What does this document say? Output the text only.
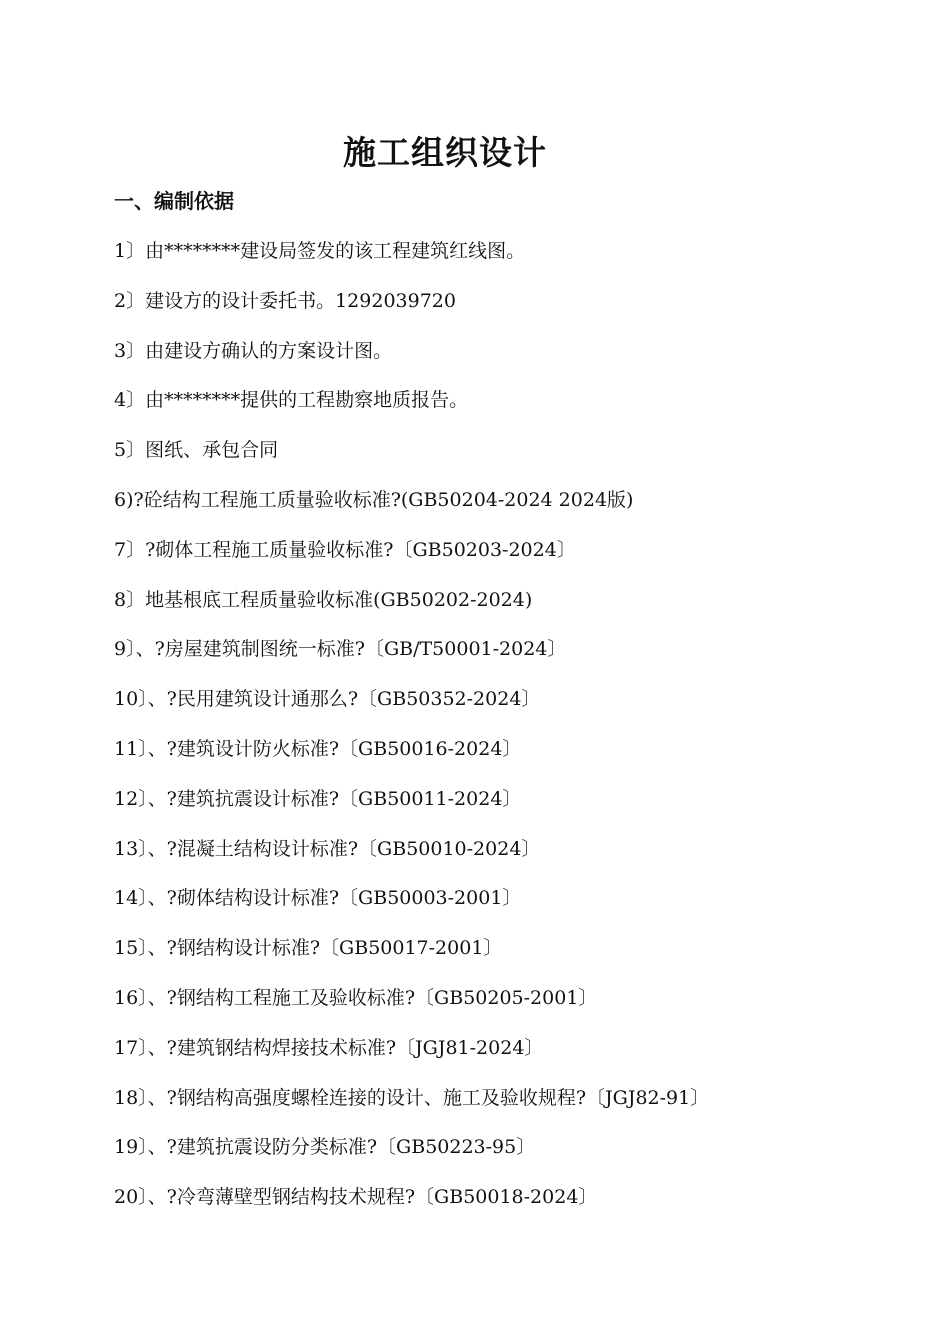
施工组织设计
一、编制依据
1〕由********建设局签发的该工程建筑红线图。
2〕建设方的设计委托书。1292039720
3〕由建设方确认的方案设计图。
4〕由********提供的工程勘察地质报告。
5〕图纸、承包合同
6)?砼结构工程施工质量验收标准?(GB50204-2024 2024版)
7〕?砌体工程施工质量验收标准?〔GB50203-2024〕
8〕地基根底工程质量验收标准(GB50202-2024)
9〕、?房屋建筑制图统一标准?〔GB/T50001-2024〕
10〕、?民用建筑设计通那么?〔GB50352-2024〕
11〕、?建筑设计防火标准?〔GB50016-2024〕
12〕、?建筑抗震设计标准?〔GB50011-2024〕
13〕、?混凝土结构设计标准?〔GB50010-2024〕
14〕、?砌体结构设计标准?〔GB50003-2001〕
15〕、?钢结构设计标准?〔GB50017-2001〕
16〕、?钢结构工程施工及验收标准?〔GB50205-2001〕
17〕、?建筑钢结构焊接技术标准?〔JGJ81-2024〕
18〕、?钢结构高强度螺栓连接的设计、施工及验收规程?〔JGJ82-91〕
19〕、?建筑抗震设防分类标准?〔GB50223-95〕
20〕、?冷弯薄壁型钢结构技术规程?〔GB50018-2024〕
